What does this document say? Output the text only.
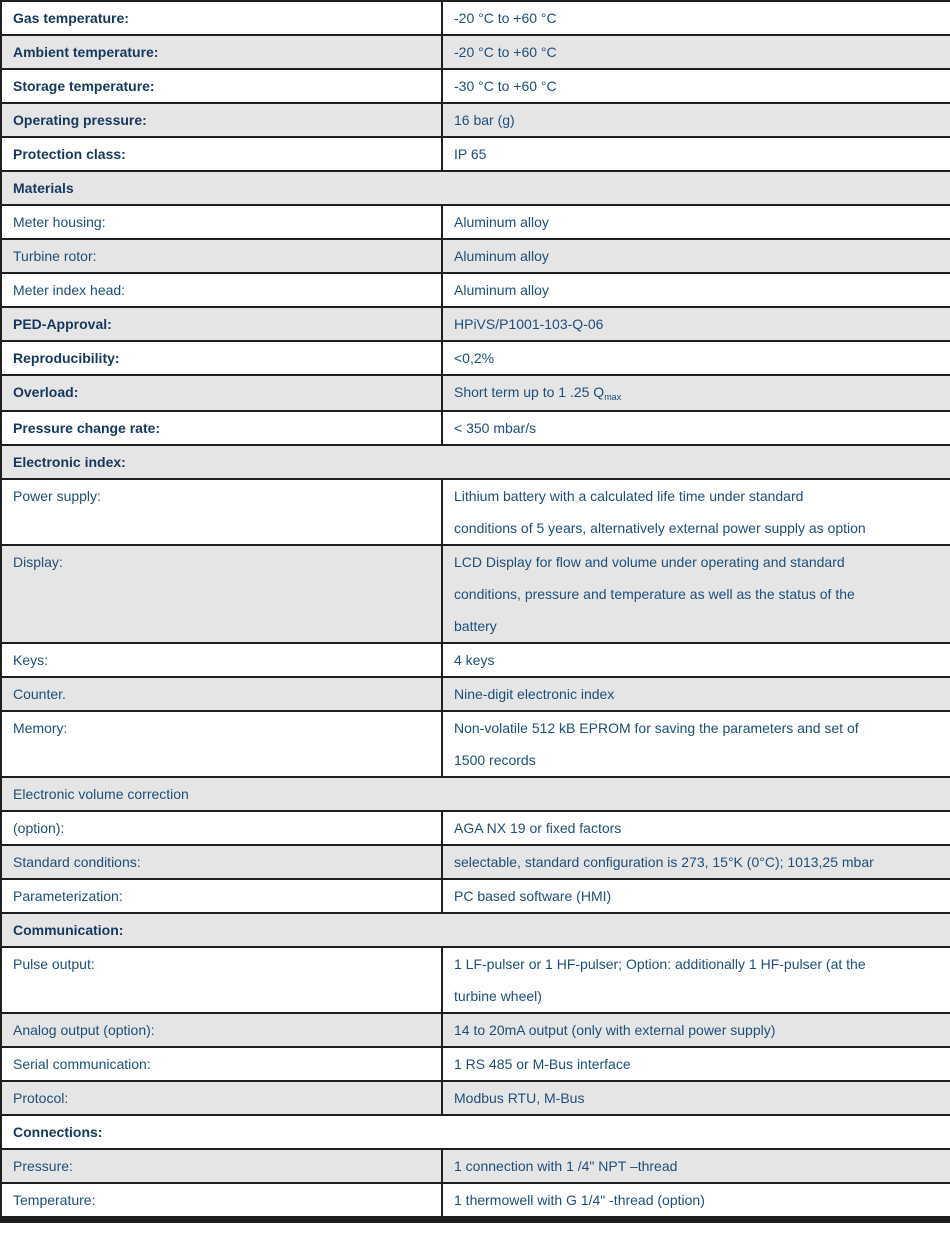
Gas temperature:	-20 °C to +60 °C
Ambient temperature:	-20 °C to +60 °C
Storage temperature:	-30 °C to +60 °C
Operating pressure:	16 bar (g)
Protection class:	IP 65
Materials	
Meter housing:	Aluminum alloy
Turbine rotor:	Aluminum alloy
Meter index head:	Aluminum alloy
PED-Approval:	HPiVS/P1001-103-Q-06
Reproducibility:	<0,2%
Overload:	Short term up to 1 .25 $Q_{max}$
Pressure change rate:	< 350 mbar/s
Electronic index:	
Power supply:	Lithium battery with a calculated life time under standard
conditions of 5 years, alternatively external power supply as option

Display:	LCD Display for flow and volume under operating and standard
conditions, pressure and temperature as well as the status of the
battery

Keys:	4 keys
Counter.	Nine-digit electronic index
Memory:	Non-volatile 512 kB EPROM for saving the parameters and set of
1500 records

Electronic volume correction	
(option):	AGA NX 19 or fixed factors
Standard conditions:	selectable, standard configuration is 273, 15°K (0°C); 1013,25 mbar
Parameterization:	PC based software (HMI)
Communication:	
Pulse output:	1 LF-pulser or 1 HF-pulser; Option: additionally 1 HF-pulser (at the
turbine wheel)

Analog output (option):	14 to 20mA output (only with external power supply)
Serial communication:	1 RS 485 or M-Bus interface
Protocol:	Modbus RTU, M-Bus
Connections:	
Pressure:	1 connection with 1 /4" NPT –thread
Temperature:	1 thermowell with G 1/4" -thread (option)
